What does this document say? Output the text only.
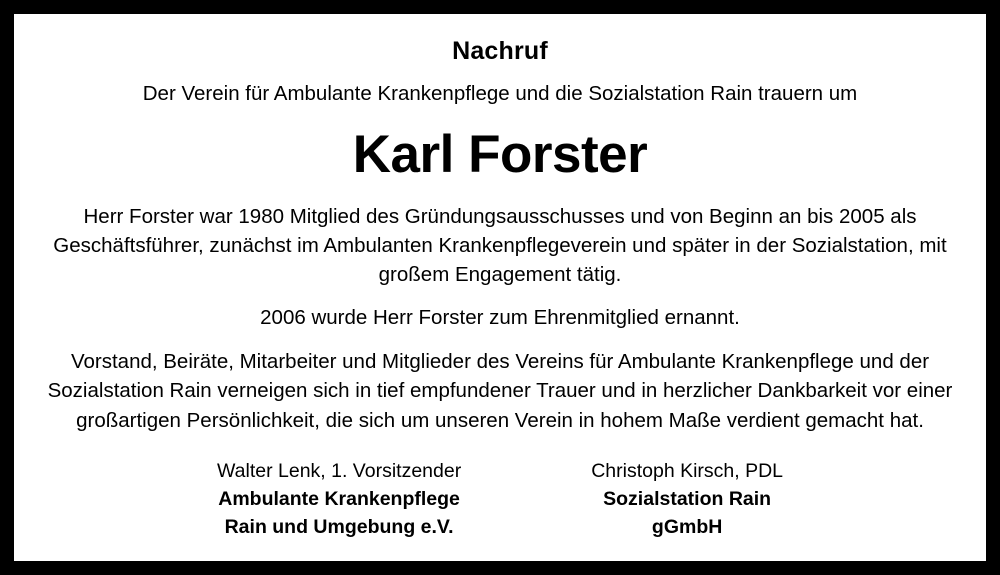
Nachruf
Der Verein für Ambulante Krankenpflege und die Sozialstation Rain trauern um
Karl Forster

Herr Forster war 1980 Mitglied des Gründungsausschusses und von Beginn an bis 2005 als Geschäftsführer, zunächst im Ambulanten Krankenpflegeverein und später in der Sozialstation, mit großem Engagement tätig.

2006 wurde Herr Forster zum Ehrenmitglied ernannt.

Vorstand, Beiräte, Mitarbeiter und Mitglieder des Vereins für Ambulante Krankenpflege und der Sozialstation Rain verneigen sich in tief empfundener Trauer und in herzlicher Dankbarkeit vor einer großartigen Persönlichkeit, die sich um unseren Verein in hohem Maße verdient gemacht hat.

Walter Lenk, 1. Vorsitzender
Ambulante Krankenpflege
Rain und Umgebung e.V.
Christoph Kirsch, PDL
Sozialstation Rain
gGmbH
